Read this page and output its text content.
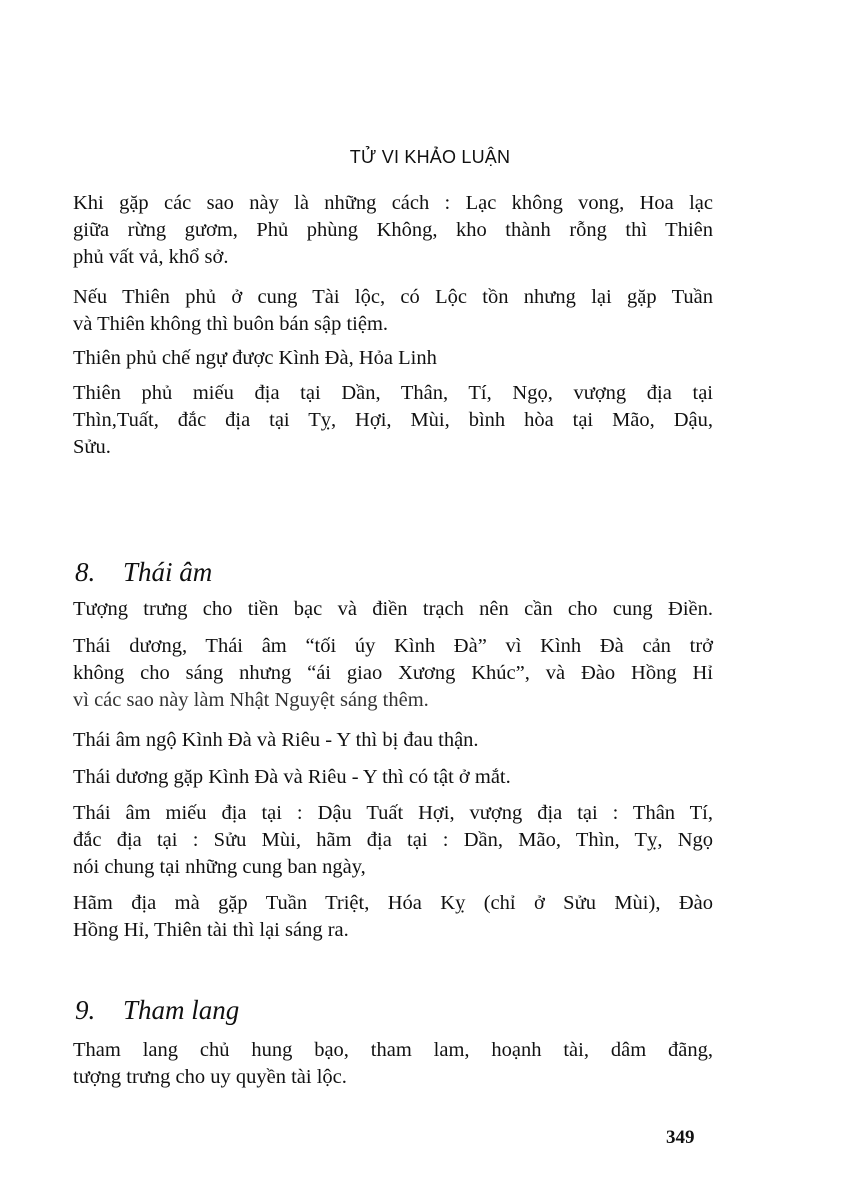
TỬ VI KHẢO LUẬN
Khi gặp các sao này là những cách : Lạc không vong, Hoa lạc
giữa rừng gươm, Phủ phùng Không, kho thành rỗng thì Thiên
phủ vất vả, khổ sở.
Nếu Thiên phủ ở cung Tài lộc, có Lộc tồn nhưng lại gặp Tuần
và Thiên không thì buôn bán sập tiệm.
Thiên phủ chế ngự được Kình Đà, Hỏa Linh
Thiên phủ miếu địa tại Dần, Thân, Tí, Ngọ, vượng địa tại
Thìn,Tuất, đắc địa tại Tỵ, Hợi, Mùi, bình hòa tại Mão, Dậu,
Sửu.
8. Thái âm
Tượng trưng cho tiền bạc và điền trạch nên cần cho cung Điền.
Thái dương, Thái âm “tối úy Kình Đà” vì Kình Đà cản trở
không cho sáng nhưng “ái giao Xương Khúc”, và Đào Hồng Hỉ
vì các sao này làm Nhật Nguyệt sáng thêm.
Thái âm ngộ Kình Đà và Riêu - Y thì bị đau thận.
Thái dương gặp Kình Đà và Riêu - Y thì có tật ở mắt.
Thái âm miếu địa tại : Dậu Tuất Hợi, vượng địa tại : Thân Tí,
đắc địa tại : Sửu Mùi, hãm địa tại : Dần, Mão, Thìn, Tỵ, Ngọ
nói chung tại những cung ban ngày,
Hãm địa mà gặp Tuần Triệt, Hóa Kỵ (chỉ ở Sửu Mùi), Đào
Hồng Hỉ, Thiên tài thì lại sáng ra.
9. Tham lang
Tham lang chủ hung bạo, tham lam, hoạnh tài, dâm đãng,
tượng trưng cho uy quyền tài lộc.
349
